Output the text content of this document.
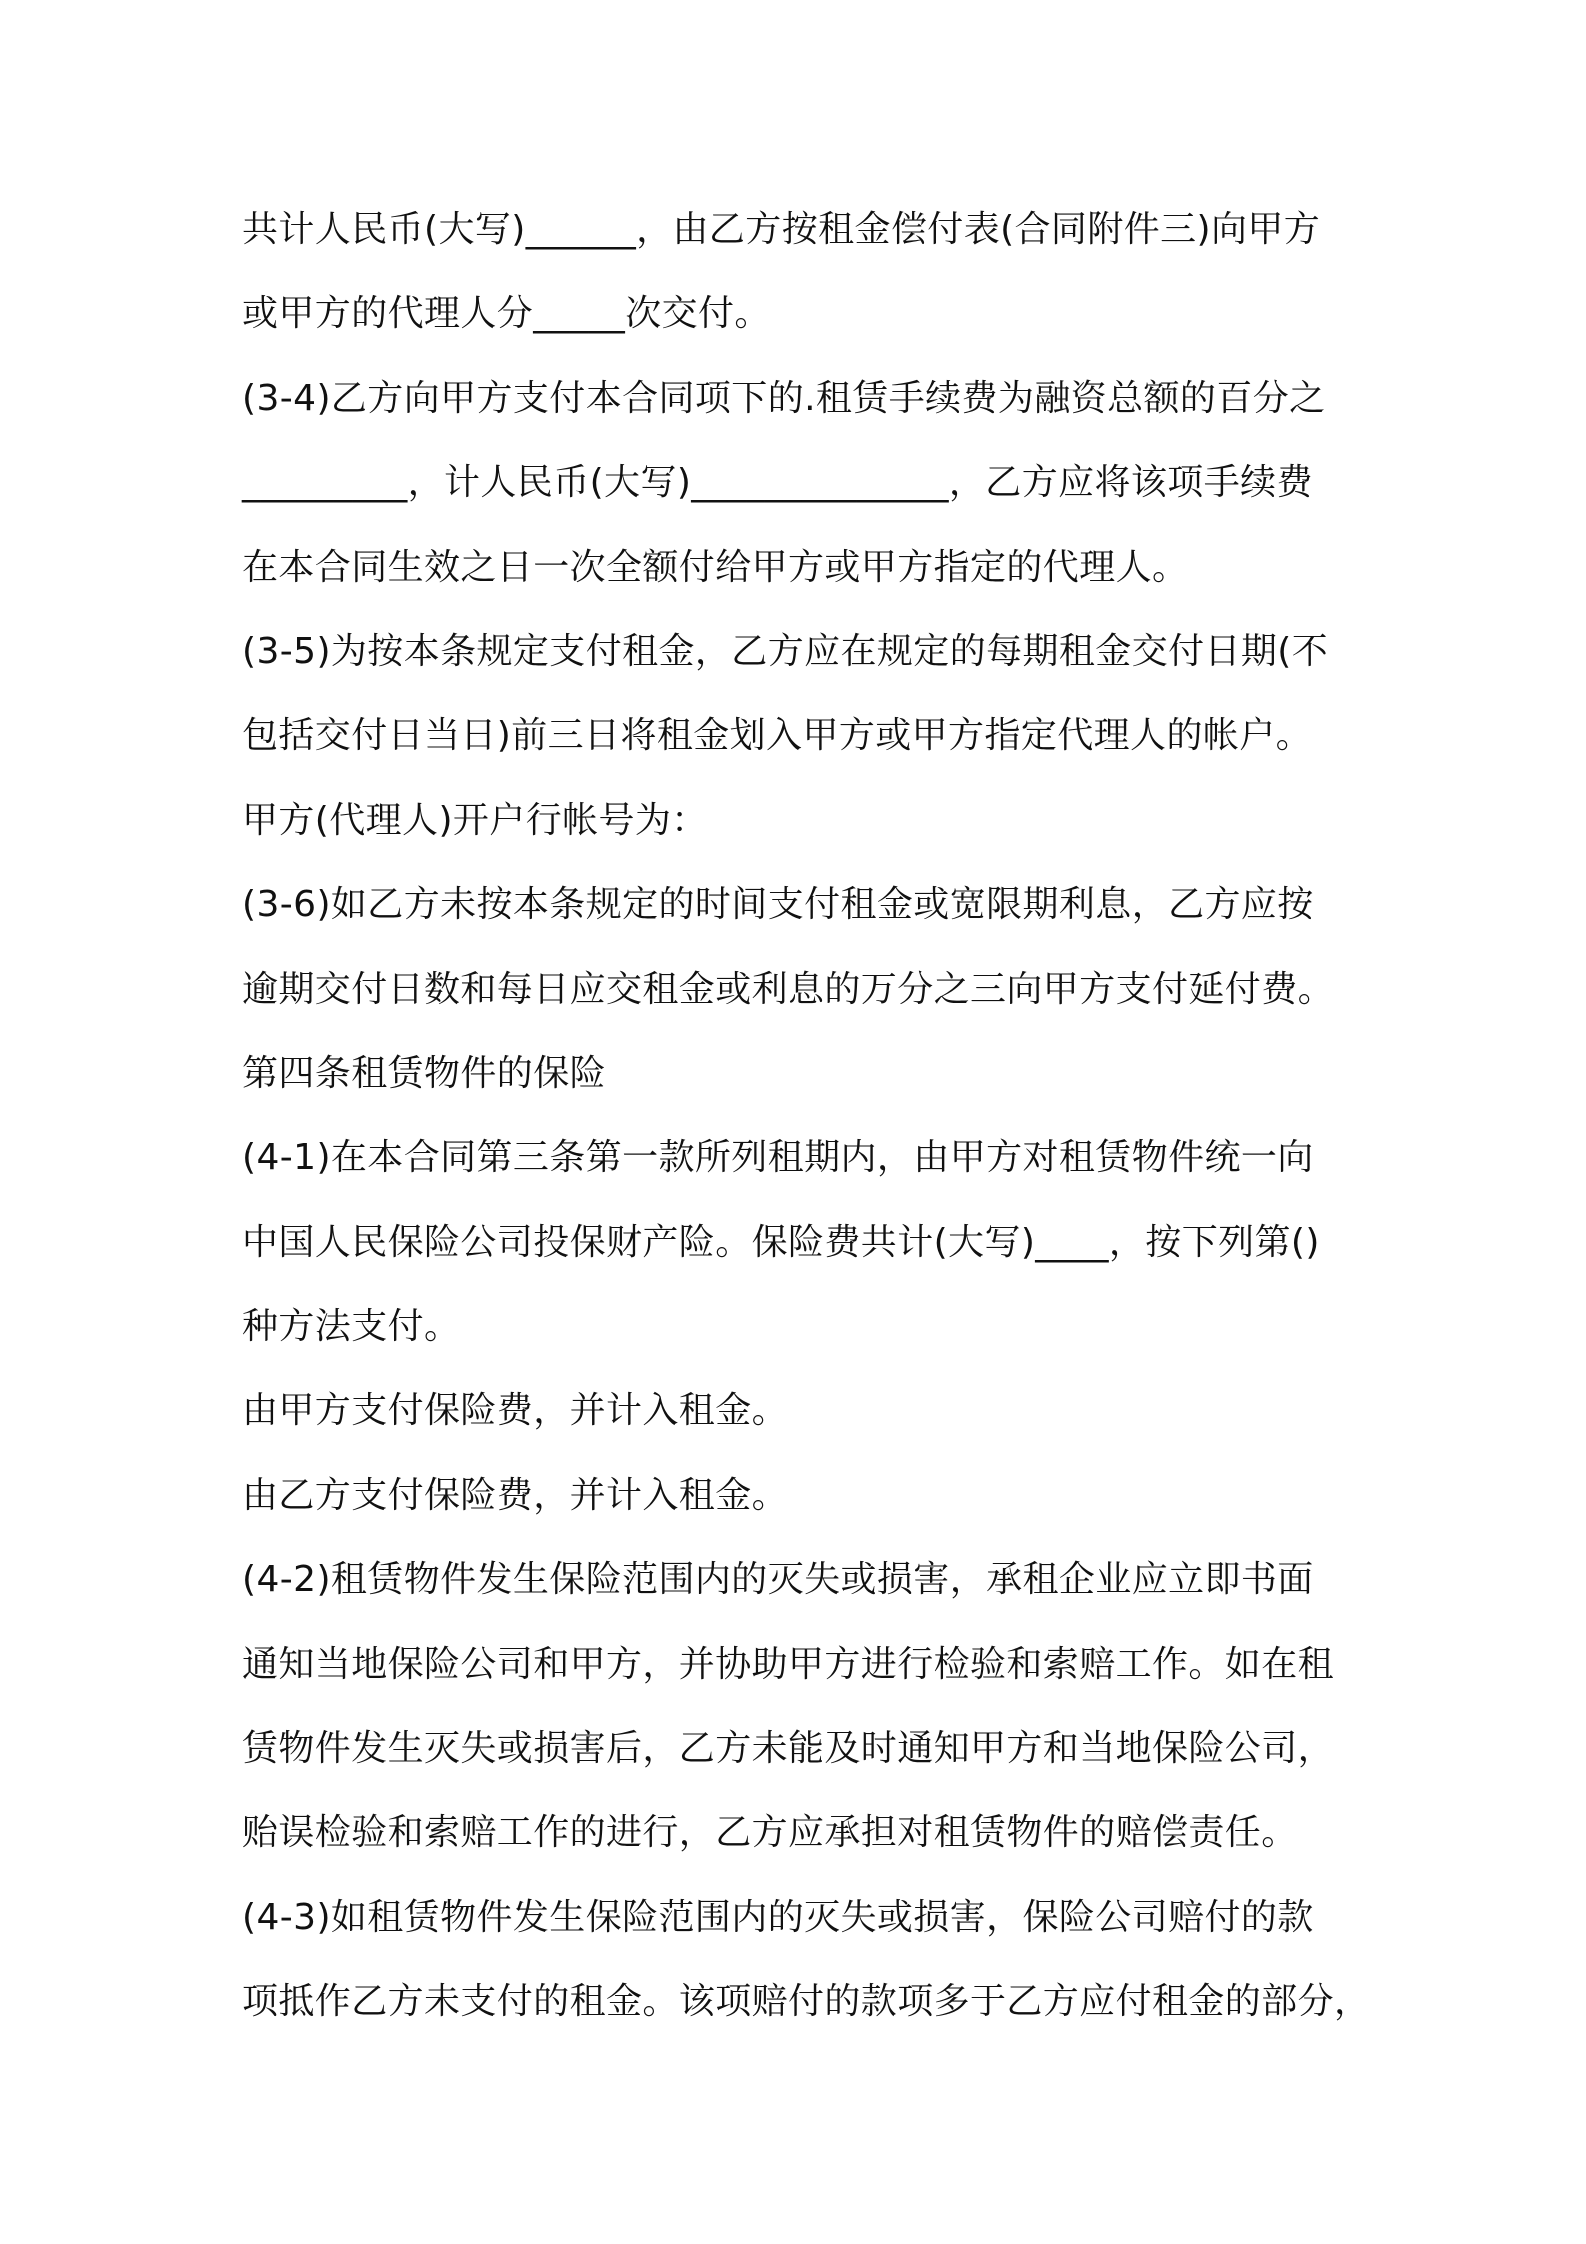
共计人民币(大写)______，由乙方按租金偿付表(合同附件三)向甲方
或甲方的代理人分_____次交付。
(3-4)乙方向甲方支付本合同项下的.租赁手续费为融资总额的百分之
_________，计人民币(大写)______________，乙方应将该项手续费
在本合同生效之日一次全额付给甲方或甲方指定的代理人。
(3-5)为按本条规定支付租金，乙方应在规定的每期租金交付日期(不
包括交付日当日)前三日将租金划入甲方或甲方指定代理人的帐户。
甲方(代理人)开户行帐号为：
(3-6)如乙方未按本条规定的时间支付租金或宽限期利息，乙方应按
逾期交付日数和每日应交租金或利息的万分之三向甲方支付延付费。
第四条租赁物件的保险
(4-1)在本合同第三条第一款所列租期内，由甲方对租赁物件统一向
中国人民保险公司投保财产险。保险费共计(大写)____，按下列第()
种方法支付。
由甲方支付保险费，并计入租金。
由乙方支付保险费，并计入租金。
(4-2)租赁物件发生保险范围内的灭失或损害，承租企业应立即书面
通知当地保险公司和甲方，并协助甲方进行检验和索赔工作。如在租
赁物件发生灭失或损害后，乙方未能及时通知甲方和当地保险公司，
贻误检验和索赔工作的进行，乙方应承担对租赁物件的赔偿责任。
(4-3)如租赁物件发生保险范围内的灭失或损害，保险公司赔付的款
项抵作乙方未支付的租金。该项赔付的款项多于乙方应付租金的部分，
